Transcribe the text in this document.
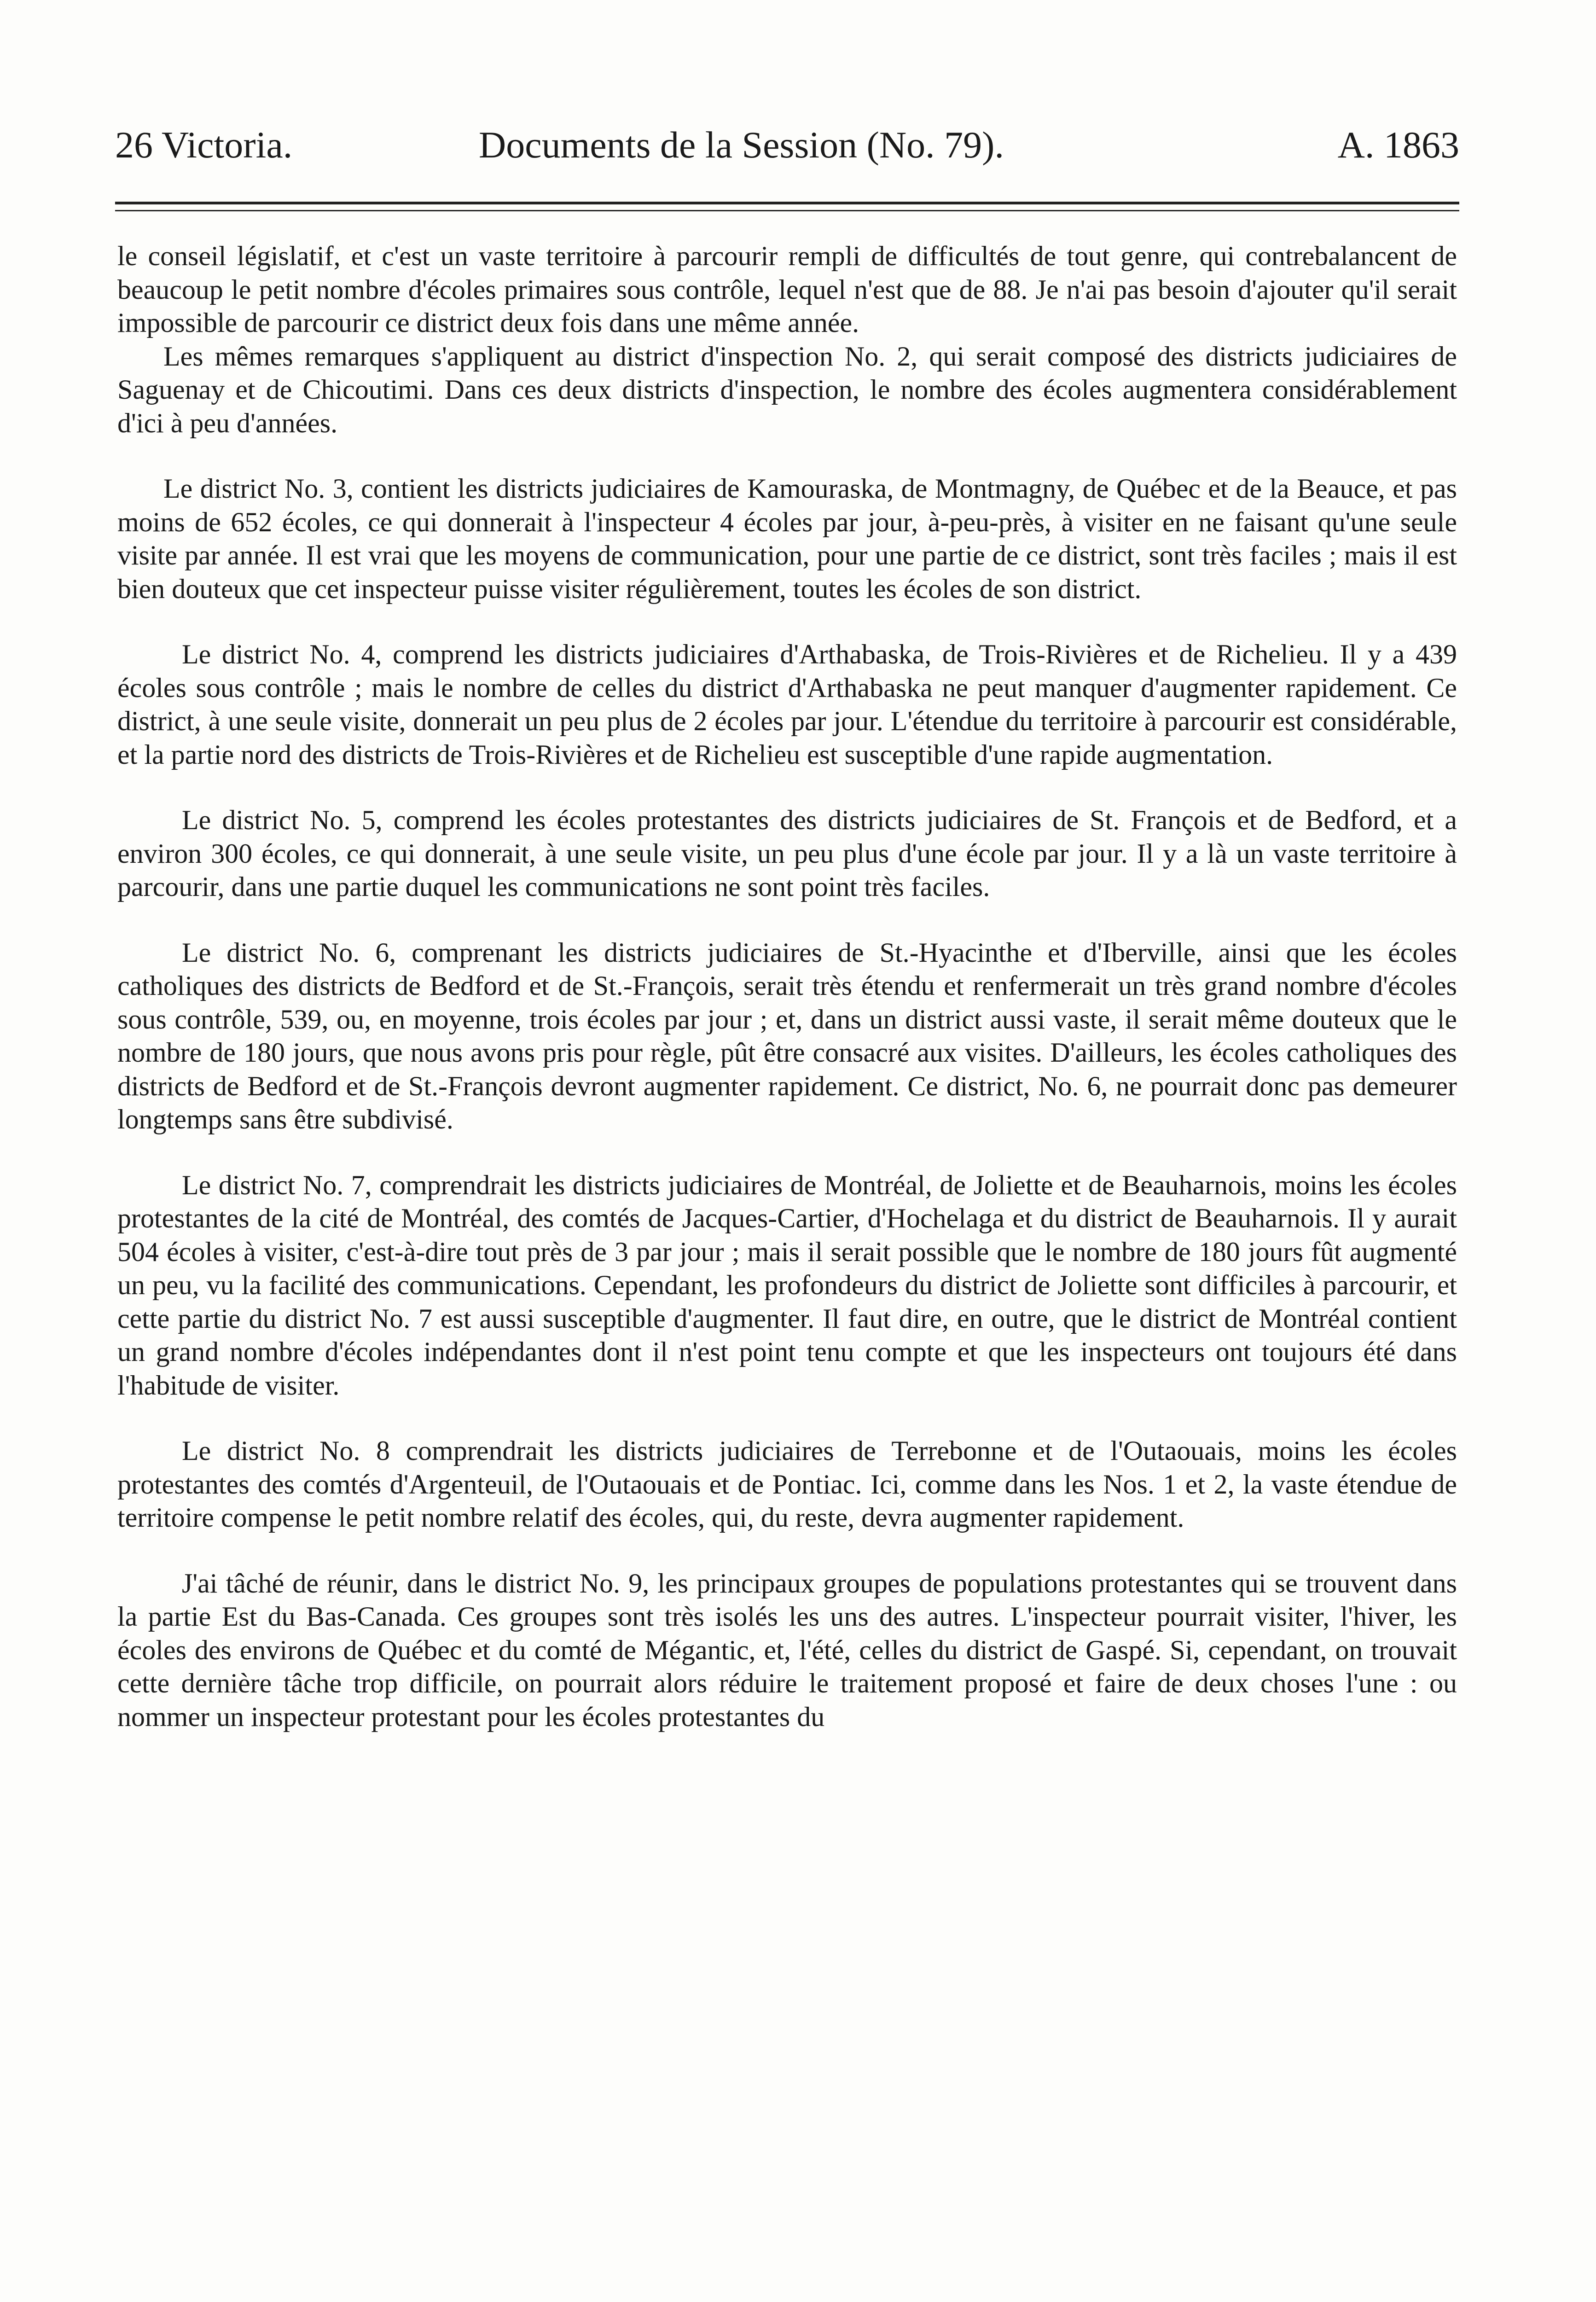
26 Victoria.	Documents de la Session (No. 79).	A. 1863

le conseil législatif, et c'est un vaste territoire à parcourir rempli de difficultés de tout genre, qui contrebalancent de beaucoup le petit nombre d'écoles primaires sous contrôle, lequel n'est que de 88. Je n'ai pas besoin d'ajouter qu'il serait impossible de parcourir ce district deux fois dans une même année.

Les mêmes remarques s'appliquent au district d'inspection No. 2, qui serait composé des districts judiciaires de Saguenay et de Chicoutimi. Dans ces deux districts d'inspection, le nombre des écoles augmentera considérablement d'ici à peu d'années.

Le district No. 3, contient les districts judiciaires de Kamouraska, de Montmagny, de Québec et de la Beauce, et pas moins de 652 écoles, ce qui donnerait à l'inspecteur 4 écoles par jour, à-peu-près, à visiter en ne faisant qu'une seule visite par année. Il est vrai que les moyens de communication, pour une partie de ce district, sont très faciles ; mais il est bien douteux que cet inspecteur puisse visiter régulièrement, toutes les écoles de son district.

Le district No. 4, comprend les districts judiciaires d'Arthabaska, de Trois-Rivières et de Richelieu. Il y a 439 écoles sous contrôle ; mais le nombre de celles du district d'Arthabaska ne peut manquer d'augmenter rapidement. Ce district, à une seule visite, donnerait un peu plus de 2 écoles par jour. L'étendue du territoire à parcourir est considérable, et la partie nord des districts de Trois-Rivières et de Richelieu est susceptible d'une rapide augmentation.

Le district No. 5, comprend les écoles protestantes des districts judiciaires de St. François et de Bedford, et a environ 300 écoles, ce qui donnerait, à une seule visite, un peu plus d'une école par jour. Il y a là un vaste territoire à parcourir, dans une partie duquel les communications ne sont point très faciles.

Le district No. 6, comprenant les districts judiciaires de St.-Hyacinthe et d'Iberville, ainsi que les écoles catholiques des districts de Bedford et de St.-François, serait très étendu et renfermerait un très grand nombre d'écoles sous contrôle, 539, ou, en moyenne, trois écoles par jour ; et, dans un district aussi vaste, il serait même douteux que le nombre de 180 jours, que nous avons pris pour règle, pût être consacré aux visites. D'ailleurs, les écoles catholiques des districts de Bedford et de St.-François devront augmenter rapidement. Ce district, No. 6, ne pourrait donc pas demeurer longtemps sans être subdivisé.

Le district No. 7, comprendrait les districts judiciaires de Montréal, de Joliette et de Beauharnois, moins les écoles protestantes de la cité de Montréal, des comtés de Jacques-Cartier, d'Hochelaga et du district de Beauharnois. Il y aurait 504 écoles à visiter, c'est-à-dire tout près de 3 par jour ; mais il serait possible que le nombre de 180 jours fût augmenté un peu, vu la facilité des communications. Cependant, les profondeurs du district de Joliette sont difficiles à parcourir, et cette partie du district No. 7 est aussi susceptible d'augmenter. Il faut dire, en outre, que le district de Montréal contient un grand nombre d'écoles indépendantes dont il n'est point tenu compte et que les inspecteurs ont toujours été dans l'habitude de visiter.

Le district No. 8 comprendrait les districts judiciaires de Terrebonne et de l'Outaouais, moins les écoles protestantes des comtés d'Argenteuil, de l'Outaouais et de Pontiac. Ici, comme dans les Nos. 1 et 2, la vaste étendue de territoire compense le petit nombre relatif des écoles, qui, du reste, devra augmenter rapidement.

J'ai tâché de réunir, dans le district No. 9, les principaux groupes de populations protestantes qui se trouvent dans la partie Est du Bas-Canada. Ces groupes sont très isolés les uns des autres. L'inspecteur pourrait visiter, l'hiver, les écoles des environs de Québec et du comté de Mégantic, et, l'été, celles du district de Gaspé. Si, cependant, on trouvait cette dernière tâche trop difficile, on pourrait alors réduire le traitement proposé et faire de deux choses l'une : ou nommer un inspecteur protestant pour les écoles protestantes du
